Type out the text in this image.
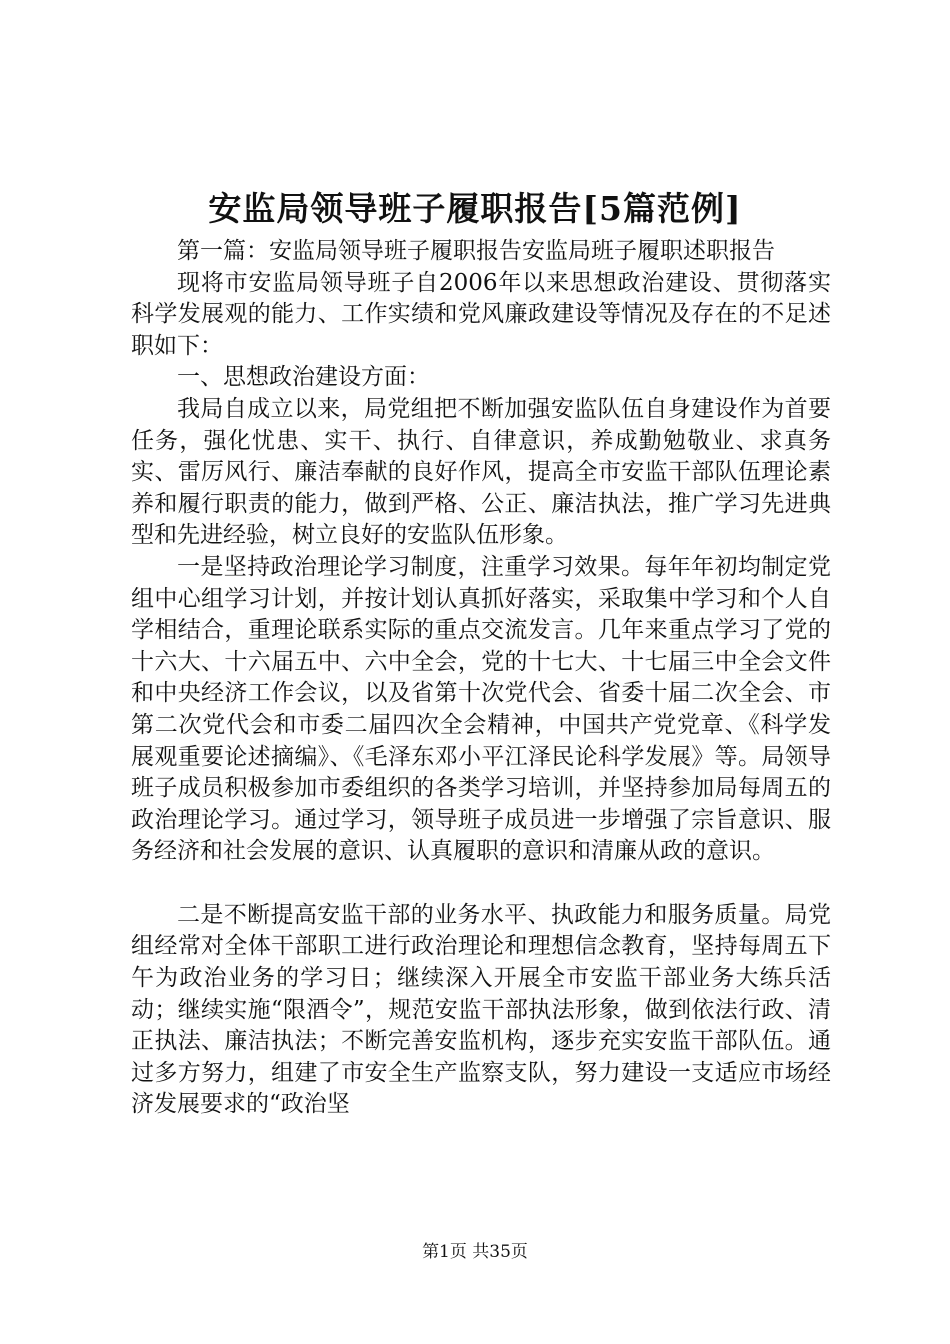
安监局领导班子履职报告[5篇范例]

第一篇：安监局领导班子履职报告安监局班子履职述职报告

现将市安监局领导班子自2006年以来思想政治建设、贯彻落实科学发展观的能力、工作实绩和党风廉政建设等情况及存在的不足述职如下：

一、思想政治建设方面：

我局自成立以来，局党组把不断加强安监队伍自身建设作为首要任务，强化忧患、实干、执行、自律意识，养成勤勉敬业、求真务实、雷厉风行、廉洁奉献的良好作风，提高全市安监干部队伍理论素养和履行职责的能力，做到严格、公正、廉洁执法，推广学习先进典型和先进经验，树立良好的安监队伍形象。

一是坚持政治理论学习制度，注重学习效果。每年年初均制定党组中心组学习计划，并按计划认真抓好落实，采取集中学习和个人自学相结合，重理论联系实际的重点交流发言。几年来重点学习了党的十六大、十六届五中、六中全会，党的十七大、十七届三中全会文件和中央经济工作会议，以及省第十次党代会、省委十届二次全会、市第二次党代会和市委二届四次全会精神，中国共产党党章、《科学发展观重要论述摘编》、《毛泽东邓小平江泽民论科学发展》等。局领导班子成员积极参加市委组织的各类学习培训，并坚持参加局每周五的政治理论学习。通过学习，领导班子成员进一步增强了宗旨意识、服务经济和社会发展的意识、认真履职的意识和清廉从政的意识。

二是不断提高安监干部的业务水平、执政能力和服务质量。局党组经常对全体干部职工进行政治理论和理想信念教育，坚持每周五下午为政治业务的学习日；继续深入开展全市安监干部业务大练兵活动；继续实施“限酒令”，规范安监干部执法形象，做到依法行政、清正执法、廉洁执法；不断完善安监机构，逐步充实安监干部队伍。通过多方努力，组建了市安全生产监察支队，努力建设一支适应市场经济发展要求的“政治坚

第1页 共35页
